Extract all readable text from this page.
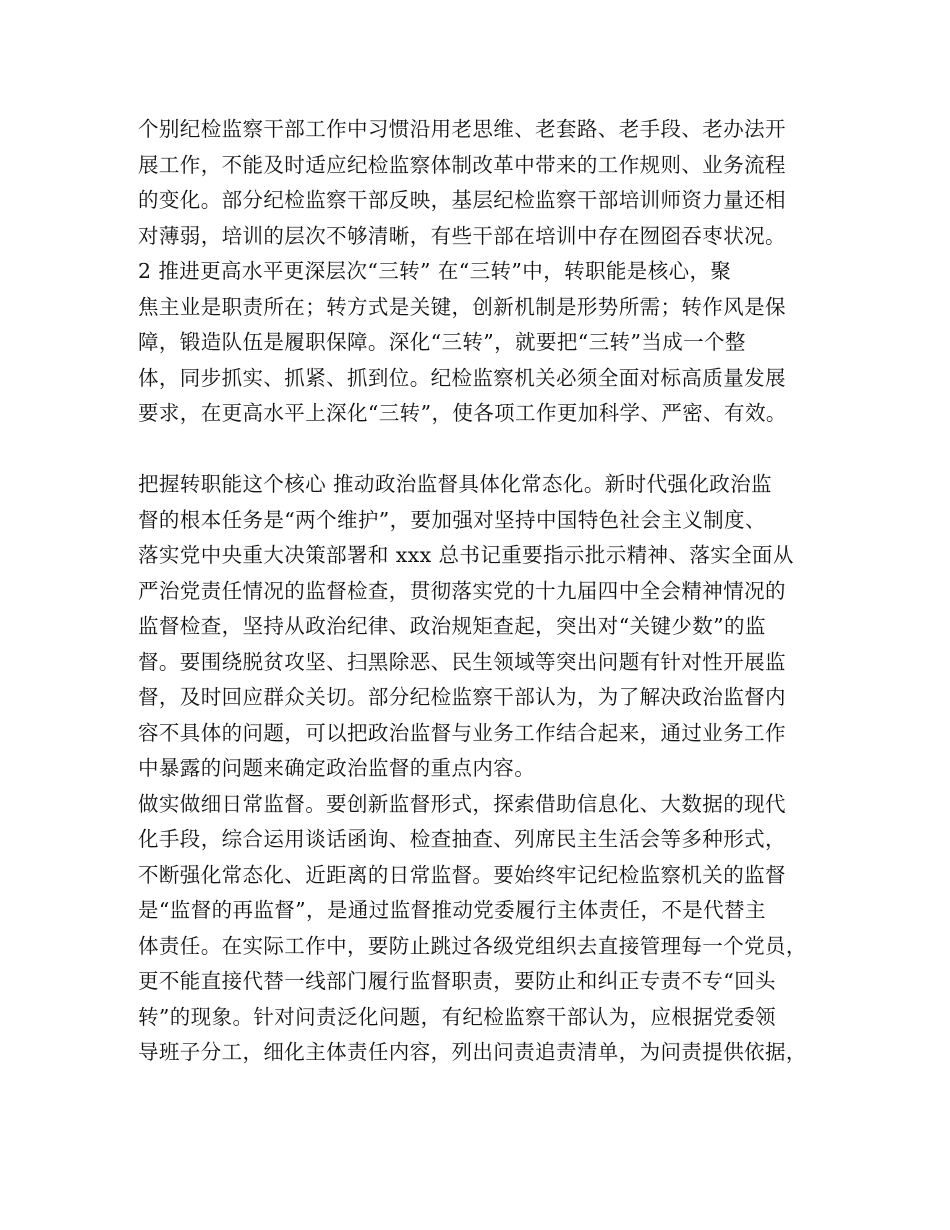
个别纪检监察干部工作中习惯沿用老思维、老套路、老手段、老办法开
展工作，不能及时适应纪检监察体制改革中带来的工作规则、业务流程
的变化。部分纪检监察干部反映，基层纪检监察干部培训师资力量还相
对薄弱，培训的层次不够清晰，有些干部在培训中存在囫囵吞枣状况。
2 推进更高水平更深层次“三转” 在“三转”中，转职能是核心，聚
焦主业是职责所在；转方式是关键，创新机制是形势所需；转作风是保
障，锻造队伍是履职保障。深化“三转”，就要把“三转”当成一个整
体，同步抓实、抓紧、抓到位。纪检监察机关必须全面对标高质量发展
要求，在更高水平上深化“三转”，使各项工作更加科学、严密、有效。
把握转职能这个核心 推动政治监督具体化常态化。新时代强化政治监
督的根本任务是“两个维护”，要加强对坚持中国特色社会主义制度、
落实党中央重大决策部署和 xxx 总书记重要指示批示精神、落实全面从
严治党责任情况的监督检查，贯彻落实党的十九届四中全会精神情况的
监督检查，坚持从政治纪律、政治规矩查起，突出对“关键少数”的监
督。要围绕脱贫攻坚、扫黑除恶、民生领域等突出问题有针对性开展监
督，及时回应群众关切。部分纪检监察干部认为，为了解决政治监督内
容不具体的问题，可以把政治监督与业务工作结合起来，通过业务工作
中暴露的问题来确定政治监督的重点内容。
做实做细日常监督。要创新监督形式，探索借助信息化、大数据的现代
化手段，综合运用谈话函询、检查抽查、列席民主生活会等多种形式，
不断强化常态化、近距离的日常监督。要始终牢记纪检监察机关的监督
是“监督的再监督”，是通过监督推动党委履行主体责任，不是代替主
体责任。在实际工作中，要防止跳过各级党组织去直接管理每一个党员，
更不能直接代替一线部门履行监督职责，要防止和纠正专责不专“回头
转”的现象。针对问责泛化问题，有纪检监察干部认为，应根据党委领
导班子分工，细化主体责任内容，列出问责追责清单，为问责提供依据，
